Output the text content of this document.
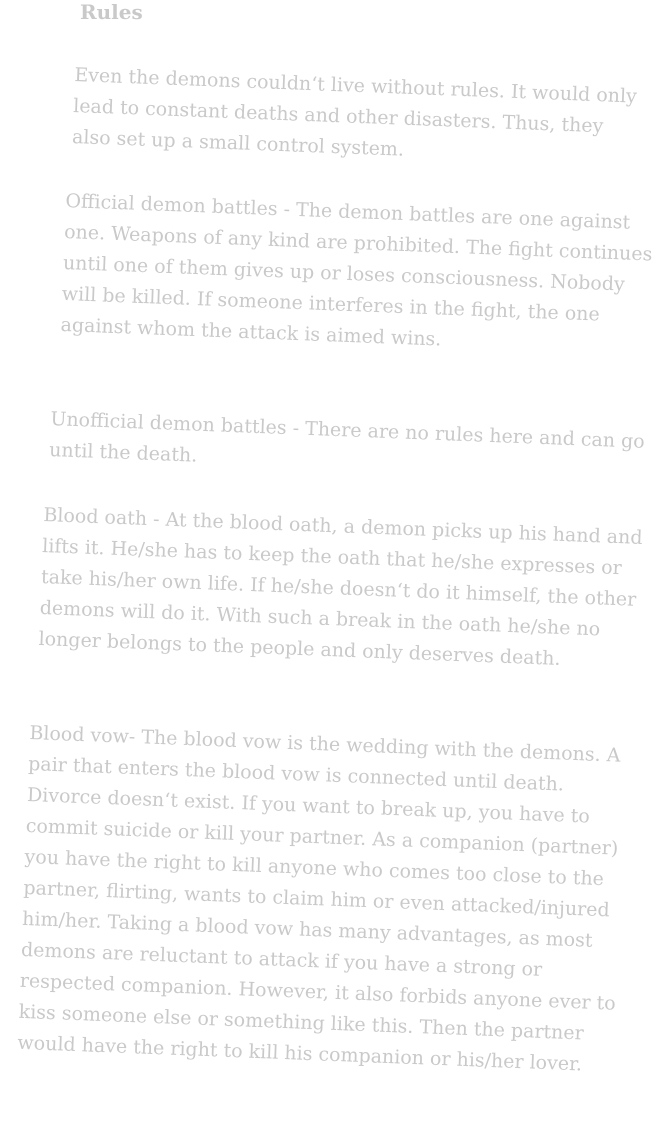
Rules

Even the demons couldn‘t live without rules. It would only lead to constant deaths and other disasters. Thus, they also set up a small control system.

Official demon battles - The demon battles are one against one. Weapons of any kind are prohibited. The fight continues until one of them gives up or loses consciousness. Nobody will be killed. If someone interferes in the fight, the one against whom the attack is aimed wins.

Unofficial demon battles - There are no rules here and can go until the death.

Blood oath - At the blood oath, a demon picks up his hand and lifts it. He/she has to keep the oath that he/she expresses or take his/her own life. If he/she doesn‘t do it himself, the other demons will do it. With such a break in the oath he/she no longer belongs to the people and only deserves death.

Blood vow- The blood vow is the wedding with the demons. A pair that enters the blood vow is connected until death. Divorce doesn‘t exist. If you want to break up, you have to commit suicide or kill your partner. As a companion (partner) you have the right to kill anyone who comes too close to the partner, flirting, wants to claim him or even attacked/injured him/her. Taking a blood vow has many advantages, as most demons are reluctant to attack if you have a strong or respected companion. However, it also forbids anyone ever to kiss someone else or something like this. Then the partner would have the right to kill his companion or his/her lover.
